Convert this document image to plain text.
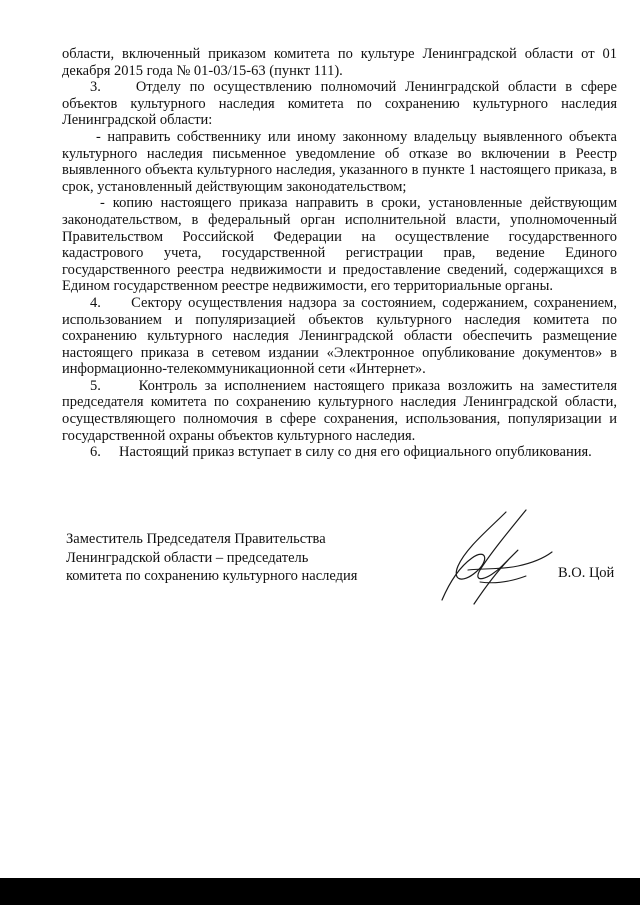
области, включенный приказом комитета по культуре Ленинградской области от 01 декабря 2015 года № 01-03/15-63 (пункт 111).

3.    Отделу по осуществлению полномочий Ленинградской области в сфере объектов культурного наследия комитета по сохранению культурного наследия Ленинградской области:

- направить собственнику или иному законному владельцу выявленного объекта культурного наследия письменное уведомление об отказе во включении в Реестр выявленного объекта культурного наследия, указанного в пункте 1 настоящего приказа, в срок, установленный действующим законодательством;

- копию настоящего приказа направить в сроки, установленные действующим законодательством, в федеральный орган исполнительной власти, уполномоченный Правительством Российской Федерации на осуществление государственного кадастрового учета, государственной регистрации прав, ведение Единого государственного реестра недвижимости и предоставление сведений, содержащихся в Едином государственном реестре недвижимости, его территориальные органы.

4.     Сектору осуществления надзора за состоянием, содержанием, сохранением, использованием и популяризацией объектов культурного наследия комитета по сохранению культурного наследия Ленинградской области обеспечить размещение настоящего приказа в сетевом издании «Электронное опубликование документов» в информационно-телекоммуникационной сети «Интернет».

5.     Контроль за исполнением настоящего приказа возложить на заместителя председателя комитета по сохранению культурного наследия Ленинградской области, осуществляющего полномочия в сфере сохранения, использования, популяризации и государственной охраны объектов культурного наследия.

6.     Настоящий приказ вступает в силу со дня его официального опубликования.

Заместитель Председателя Правительства
Ленинградской области – председатель
комитета по сохранению культурного наследия	В.О. Цой
